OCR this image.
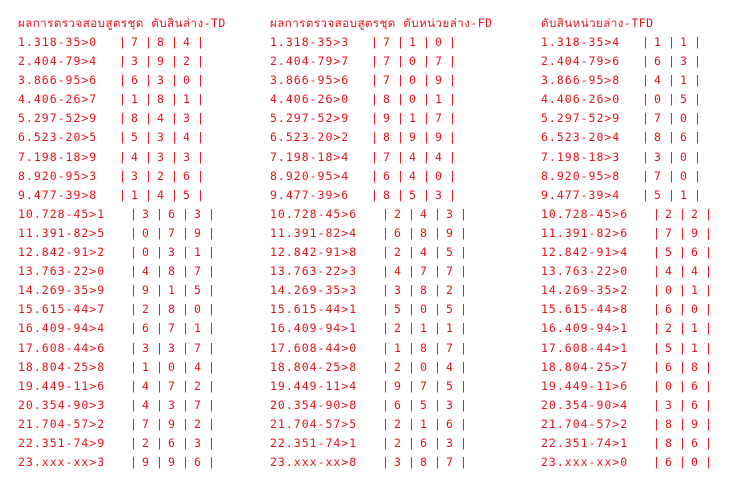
ผลการตรวจสอบสูตรชุด ตับสินล่าง-TD
1.318-35>0	| 7 | 8 | 4|
2.404-79>4	| 3 | 9 | 2|
3.866-95>6	| 6 | 3 | 0|
4.406-26>7	| 1 | 8 | 1|
5.297-52>9	| 8 | 4 | 3|
6.523-20>5	| 5 | 3 | 4|
7.198-18>9	| 4 | 3 | 3|
8.920-95>3	| 3 | 2 | 6|
9.477-39>8	| 1 | 4 | 5|
10.728-45>1	| 3 | 6 | 3|
11.391-82>5	| 0 | 7 | 9|
12.842-91>2	| 0 | 3 | 1|
13.763-22>0	| 4 | 8 | 7|
14.269-35>9	| 9 | 1 | 5|
15.615-44>7	| 2 | 8 | 0|
16.409-94>4	| 6 | 7 | 1|
17.608-44>6	| 3 | 3 | 7|
18.804-25>8	| 1 | 0 | 4|
19.449-11>6	| 4 | 7 | 2|
20.354-90>3	| 4 | 3 | 7|
21.704-57>2	| 7 | 9 | 2|
22.351-74>9	| 2 | 6 | 3|
23.xxx-xx>3	| 9 | 9 | 6|
ผลการตรวจสอบสูตรชุด ตับหน่วยล่าง-FD
1.318-35>3	| 7 | 1 | 0|
2.404-79>7	| 7 | 0 | 7|
3.866-95>6	| 7 | 0 | 9|
4.406-26>0	| 8 | 0 | 1|
5.297-52>9	| 9 | 1 | 7|
6.523-20>2	| 8 | 9 | 9|
7.198-18>4	| 7 | 4 | 4|
8.920-95>4	| 6 | 4 | 0|
9.477-39>6	| 8 | 5 | 3|
10.728-45>6	| 2 | 4 | 3|
11.391-82>4	| 6 | 8 | 9|
12.842-91>8	| 2 | 4 | 5|
13.763-22>3	| 4 | 7 | 7|
14.269-35>3	| 3 | 8 | 2|
15.615-44>1	| 5 | 0 | 5|
16.409-94>1	| 2 | 1 | 1|
17.608-44>0	| 1 | 8 | 7|
18.804-25>8	| 2 | 0 | 4|
19.449-11>4	| 9 | 7 | 5|
20.354-90>8	| 6 | 5 | 3|
21.704-57>5	| 2 | 1 | 6|
22.351-74>1	| 2 | 6 | 3|
23.xxx-xx>8	| 3 | 8 | 7|
ตับสินหน่วยล่าง-TFD
1.318-35>4	| 1 | 1|
2.404-79>6	| 6 | 3|
3.866-95>8	| 4 | 1|
4.406-26>0	| 0 | 5|
5.297-52>9	| 7 | 0|
6.523-20>4	| 8 | 6|
7.198-18>3	| 3 | 0|
8.920-95>8	| 7 | 0|
9.477-39>4	| 5 | 1|
10.728-45>6	| 2 | 2|
11.391-82>6	| 7 | 9|
12.842-91>4	| 5 | 6|
13.763-22>0	| 4 | 4|
14.269-35>2	| 0 | 1|
15.615-44>8	| 6 | 0|
16.409-94>1	| 2 | 1|
17.608-44>1	| 5 | 1|
18.804-25>7	| 6 | 8|
19.449-11>6	| 0 | 6|
20.354-90>4	| 3 | 6|
21.704-57>2	| 8 | 9|
22.351-74>1	| 8 | 6|
23.xxx-xx>0	| 6 | 0|
